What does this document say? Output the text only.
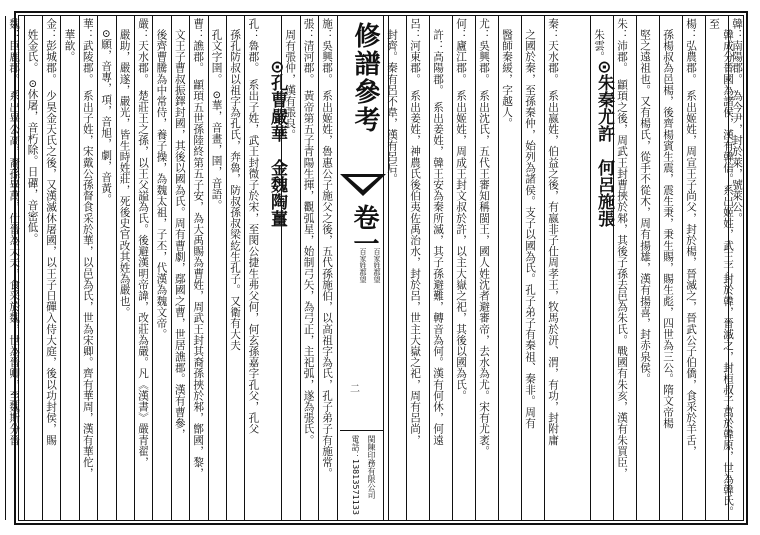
韓：南陽郡。　為今尹，封於萊，號萊公。
　韓成分晉國為諸侯，漢有韓信。系出姬姓，武王子封於韓，晉滅之，封桓叔子萬於韓原，世為韓氏。至
楊：弘農郡。　系出姬姓，周宣王子尚父，封於楊，晉滅之，晉武公子伯僑，食采於羊舌，
　孫楊叔為邑楊，後齊楊賓生震，震生秉，秉生賜，賜生彪，四世為三公。隋文帝楊
　堅之遠祖也。又有楊氏，從手不從木，周有揚雄，漢有揚喜，封赤泉侯。
朱：沛郡。　顓頊之後，周武王封曹挾於邾，其後子孫去邑為朱氏。戰國有朱亥，漢有朱買臣，
　朱雲。
秦：天水郡。　系出嬴姓，伯益之後，有嬴非子仕周孝王，牧馬於汧、渭，有功，封附庸
　之國於秦，至孫秦仲，始列為諸侯。支子以國為氏。孔子弟子有秦祖、秦非。周有
　醫師秦緩，字越人。
尤：吳興郡。　系出沈氏，五代王審知稱閩王，國人姓沈者避審帝，去水為尤。宋有尤袤。
何：廬江郡。　系出姬姓，周成王封文叔於許，以主大嶽之祀，其後以國為氏。
　許：高陽郡。　系出姜姓，韓王安為秦所滅，其子孫避難，轉音為何。漢有何休，何遠
呂：河東郡。　系出姜姓，神農氏後伯夷佐禹治水，封於呂，世主大嶽之祀，周有呂尚，
　封齊。秦有呂不韋，漢有呂后。	⊙朱秦尤許　何呂施張
修譜參考
卷一
百家姓郡望
百家姓郡望
二
閩陳印務有限公司
電話：13813571133
施：吳興郡。　系出姬姓，魯惠公子施父之後，五代孫施伯，以高祖字為氏，孔子弟子有施常。
張：清河郡。　黃帝第五子青陽生揮，觀弧星，始制弓矢，為弓正，主祀弧，遂為張氏。
　周有張仲，漢有張良。
孔：魯郡。　系出子姓，武王封微子於宋，至閔公捷生弗父何，何玄孫嘉字孔父，孔父
　孫孔防叔以祖字為孔氏，奔魯，防叔孫叔梁紇生孔子。又衛有大夫
　孔文字圉。　⊙華，音畫，圉，音語。
曹：譙郡。　顓頊五世孫陸終第五子安，為大禹賜為曹姓，周武王封其裔孫挾於邾，鄫國，黎，
　文王子曹叔振鐸封國，其後以國為氏。周有曹劇，鄢國之曹，世居譙郡。漢有曹參，
　後齊曹騰為中常侍，養子操，為魏太祖，子丕，代漢為魏文帝。
嚴：天水郡。　楚莊王之孫，以王父謚為氏。後避漢明帝諱，改莊為嚴。凡《漢書》嚴青翟，
　嚴助，嚴遂，嚴光，皆生時姓莊，死後史官改其姓為嚴也。
　⊙願，音專，項，音旭，劇，音黃。
華：武陵郡。　系出子姓，宋戴公孫督食采於華，以邑為氏，世為宋卿。齊有華周，漢有華佗，
　華歆。
金：彭城郡。　少昊金天氏之後，又漢滅休屠國，以王子日磾入侍大庭，後以功封侯，賜
　姓金氏。　⊙休屠，音朽除。日磾，音密低。
魏：巨鹿郡。　系出畢公高，裔孫畢萬，仕晉為大夫，食采於魏，世為晉卿，至魏斯分晉	⊙孔曹嚴華　金魏陶薑
